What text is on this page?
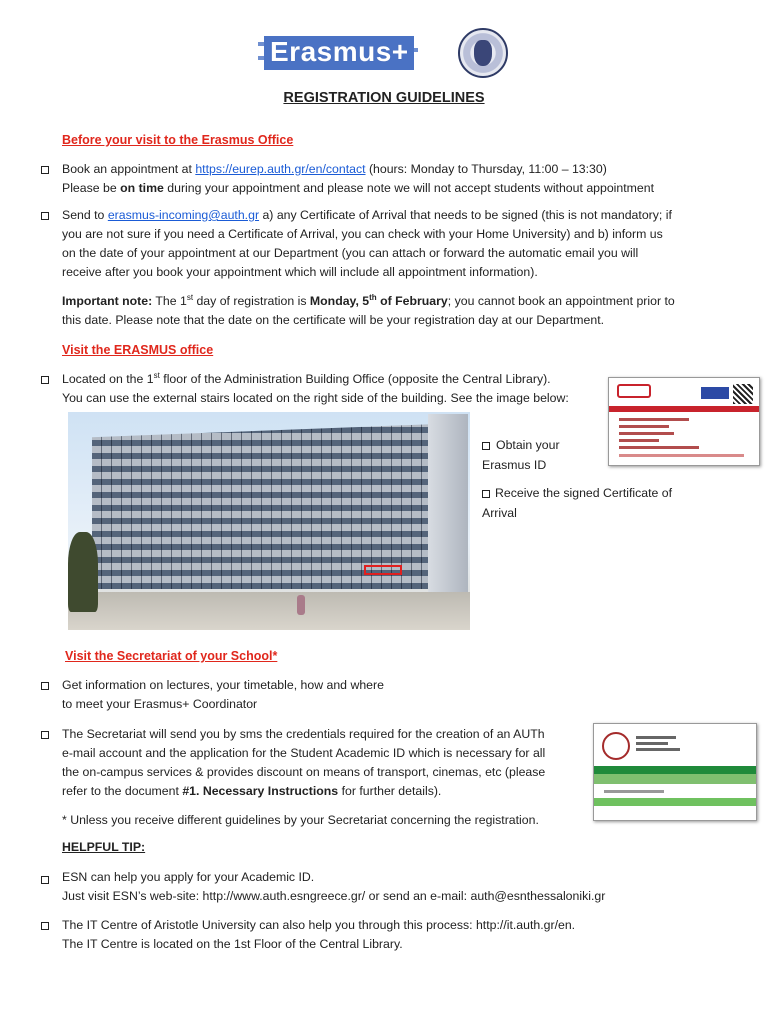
Erasmus+
REGISTRATION GUIDELINES
Before your visit to the Erasmus Office
Book an appointment at https://eurep.auth.gr/en/contact (hours: Monday to Thursday, 11:00 – 13:30)
Please be on time during your appointment and please note we will not accept students without appointment
Send to erasmus-incoming@auth.gr a) any Certificate of Arrival that needs to be signed (this is not mandatory; if
you are not sure if you need a Certificate of Arrival, you can check with your Home University) and b) inform us
on the date of your appointment at our Department (you can attach or forward the automatic email you will
receive after you book your appointment which will include all appointment information).
Important note: The 1st day of registration is Monday, 5th of February; you cannot book an appointment prior to
this date. Please note that the date on the certificate will be your registration day at our Department.
Visit the ERASMUS office
Located on the 1st floor of the Administration Building Office (opposite the Central Library).
You can use the external stairs located on the right side of the building. See the image below:
Obtain your
Erasmus ID
Receive the signed Certificate of
Arrival
Visit the Secretariat of your School*
Get information on lectures, your timetable, how and where
to meet your Erasmus+ Coordinator
The Secretariat will send you by sms the credentials required for the creation of an AUTh
e-mail account and the application for the Student Academic ID which is necessary for all
the on-campus services & provides discount on means of transport, cinemas, etc (please
refer to the document #1. Necessary Instructions for further details).
* Unless you receive different guidelines by your Secretariat concerning the registration.
HELPFUL TIP:
ESN can help you apply for your Academic ID.
Just visit ESN’s web-site: http://www.auth.esngreece.gr/ or send an e-mail: auth@esnthessaloniki.gr
The IT Centre of Aristotle University can also help you through this process: http://it.auth.gr/en.
The IT Centre is located on the 1st Floor of the Central Library.
